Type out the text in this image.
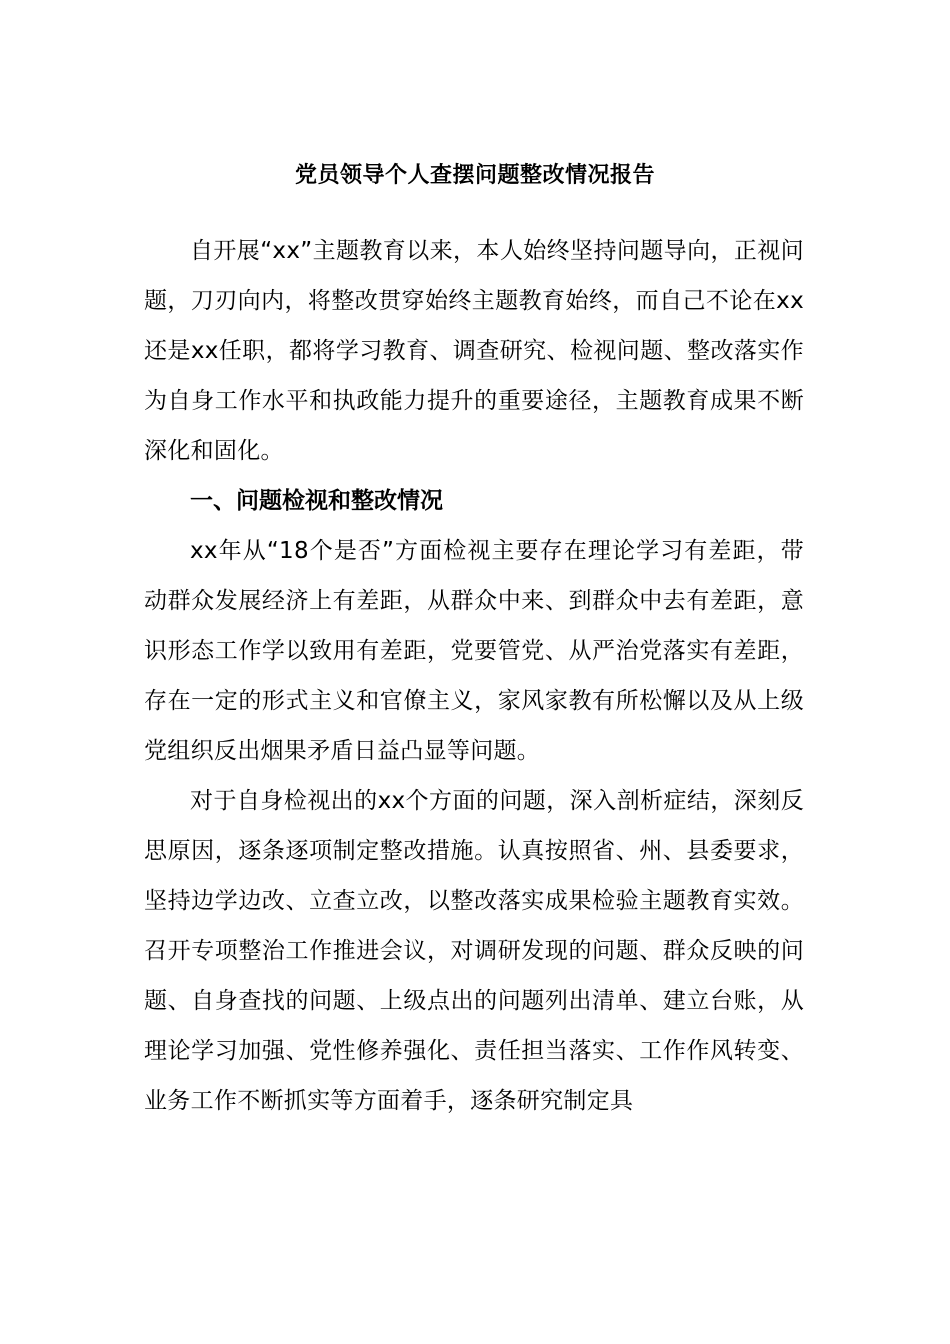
党员领导个人查摆问题整改情况报告

自开展“xx”主题教育以来，本人始终坚持问题导向，正视问题，刀刃向内，将整改贯穿始终主题教育始终，而自己不论在xx还是xx任职，都将学习教育、调查研究、检视问题、整改落实作为自身工作水平和执政能力提升的重要途径，主题教育成果不断深化和固化。

一、问题检视和整改情况

xx年从“18个是否”方面检视主要存在理论学习有差距，带动群众发展经济上有差距，从群众中来、到群众中去有差距，意识形态工作学以致用有差距，党要管党、从严治党落实有差距，存在一定的形式主义和官僚主义，家风家教有所松懈以及从上级党组织反出烟果矛盾日益凸显等问题。

对于自身检视出的xx个方面的问题，深入剖析症结，深刻反思原因，逐条逐项制定整改措施。认真按照省、州、县委要求，坚持边学边改、立查立改，以整改落实成果检验主题教育实效。召开专项整治工作推进会议，对调研发现的问题、群众反映的问题、自身查找的问题、上级点出的问题列出清单、建立台账，从理论学习加强、党性修养强化、责任担当落实、工作作风转变、业务工作不断抓实等方面着手，逐条研究制定具
